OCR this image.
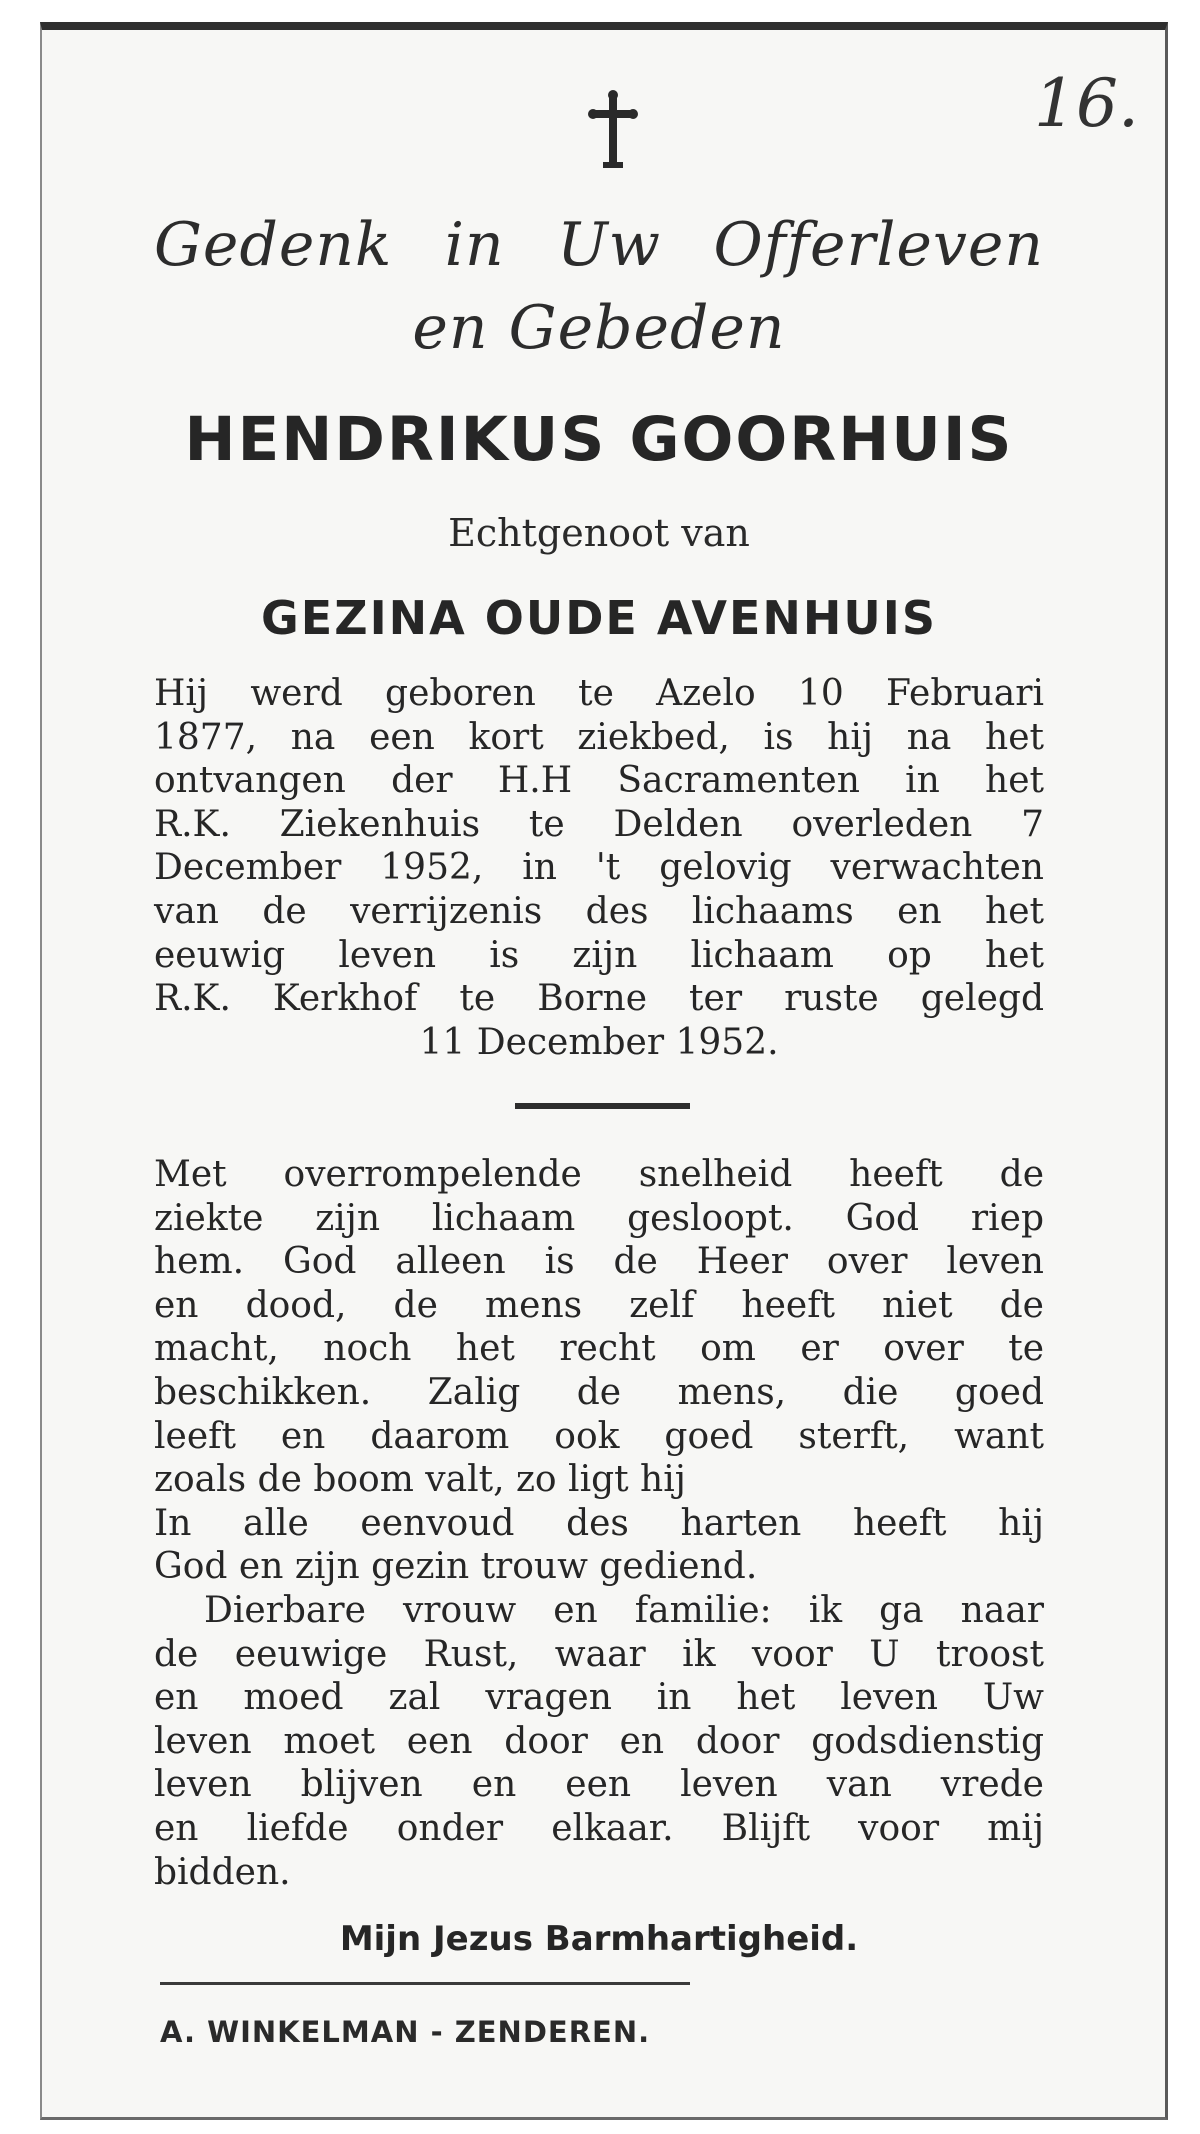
16.
Gedenk in Uw Offerleven
en Gebeden
HENDRIKUS GOORHUIS
Echtgenoot van
GEZINA OUDE AVENHUIS
Hij werd geboren te Azelo 10 Februari
1877, na een kort ziekbed, is hij na het
ontvangen der H.H Sacramenten in het
R.K. Ziekenhuis te Delden overleden 7
December 1952, in 't gelovig verwachten
van de verrijzenis des lichaams en het
eeuwig leven is zijn lichaam op het
R.K. Kerkhof te Borne ter ruste gelegd
11 December 1952.
Met overrompelende snelheid heeft de
ziekte zijn lichaam gesloopt. God riep
hem. God alleen is de Heer over leven
en dood, de mens zelf heeft niet de
macht, noch het recht om er over te
beschikken. Zalig de mens, die goed
leeft en daarom ook goed sterft, want
zoals de boom valt, zo ligt hij
In alle eenvoud des harten heeft hij
God en zijn gezin trouw gediend.
Dierbare vrouw en familie: ik ga naar
de eeuwige Rust, waar ik voor U troost
en moed zal vragen in het leven Uw
leven moet een door en door godsdienstig
leven blijven en een leven van vrede
en liefde onder elkaar. Blijft voor mij
bidden.
Mijn Jezus Barmhartigheid.
A. WINKELMAN - ZENDEREN.
